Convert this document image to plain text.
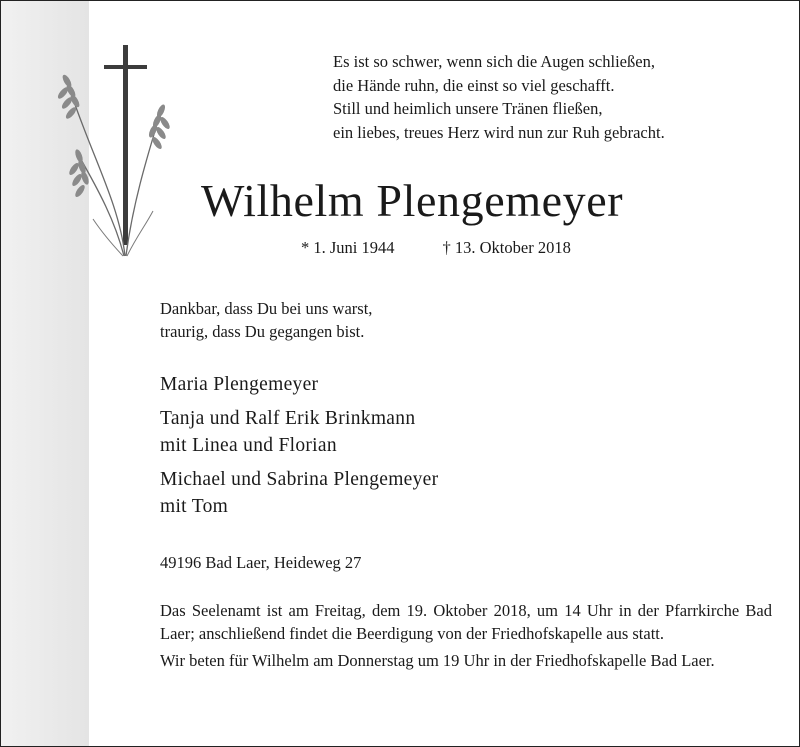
Es ist so schwer, wenn sich die Augen schließen,
die Hände ruhn, die einst so viel geschafft.
Still und heimlich unsere Tränen fließen,
ein liebes, treues Herz wird nun zur Ruh gebracht.
Wilhelm Plengemeyer
* 1. Juni 1944	† 13. Oktober 2018
Dankbar, dass Du bei uns warst,
traurig, dass Du gegangen bist.
Maria Plengemeyer
Tanja und Ralf Erik Brinkmann
mit Linea und Florian
Michael und Sabrina Plengemeyer
mit Tom
49196 Bad Laer, Heideweg 27

Das Seelenamt ist am Freitag, dem 19. Oktober 2018, um 14 Uhr in der Pfarrkirche Bad Laer; anschließend findet die Beerdigung von der Friedhofskapelle aus statt.

Wir beten für Wilhelm am Donnerstag um 19 Uhr in der Friedhofskapelle Bad Laer.
